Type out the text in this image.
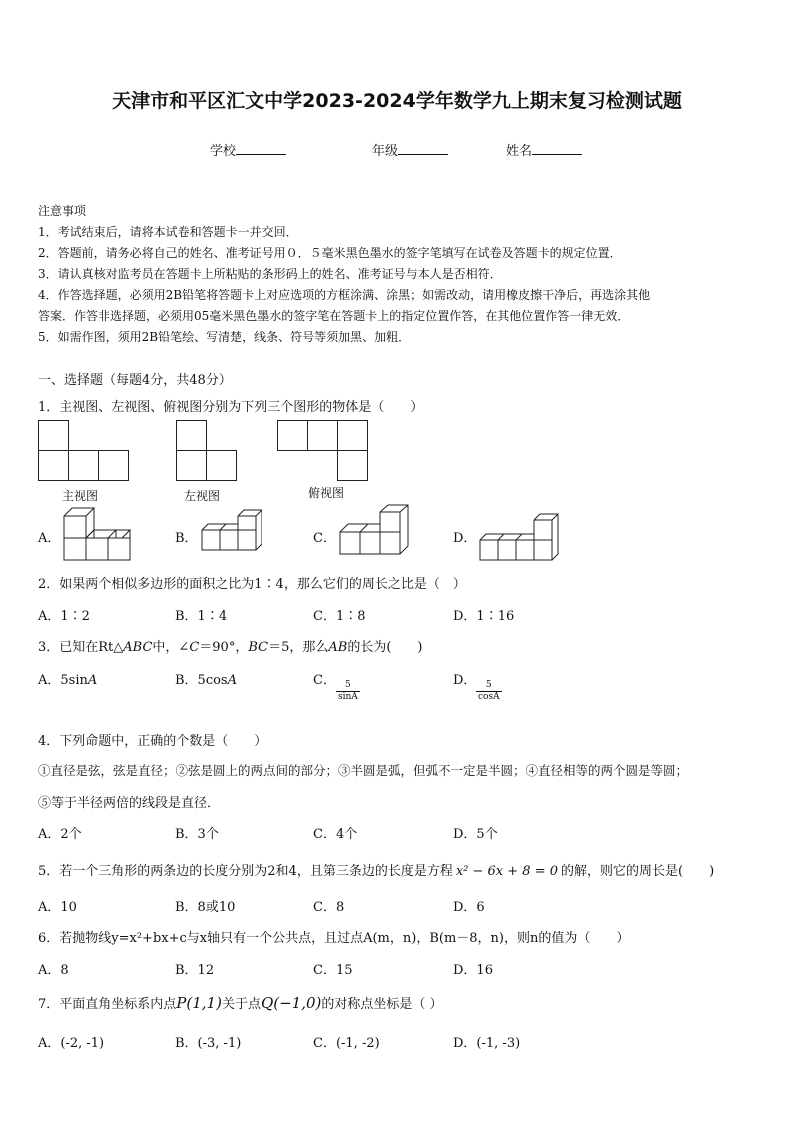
天津市和平区汇文中学2023-2024学年数学九上期末复习检测试题
学校	年级	姓名
注意事项
1．考试结束后，请将本试卷和答题卡一并交回．
2．答题前，请务必将自己的姓名、准考证号用０．５毫米黑色墨水的签字笔填写在试卷及答题卡的规定位置．
3．请认真核对监考员在答题卡上所粘贴的条形码上的姓名、准考证号与本人是否相符．
4．作答选择题，必须用2B铅笔将答题卡上对应选项的方框涂满、涂黑；如需改动，请用橡皮擦干净后，再选涂其他
答案．作答非选择题，必须用05毫米黑色墨水的签字笔在答题卡上的指定位置作答，在其他位置作答一律无效．
5．如需作图，须用2B铅笔绘、写清楚，线条、符号等须加黑、加粗．
一、选择题（每题4分，共48分）
1．主视图、左视图、俯视图分别为下列三个图形的物体是（　　）
主视图	左视图	俯视图
A．	B．	C．	D．
2．如果两个相似多边形的面积之比为1∶4，那么它们的周长之比是（　）
A．1∶2	B．1∶4	C．1∶8	D．1∶16
3．已知在Rt△ABC中，∠C＝90°，BC＝5，那么AB的长为(　　)
A．5sinA	B．5cosA	C． $\frac{5}{\sin A}$	D． $\frac{5}{\cos A}$
4．下列命题中，正确的个数是（　　）
①直径是弦，弦是直径；②弦是圆上的两点间的部分；③半圆是弧，但弧不一定是半圆；④直径相等的两个圆是等圆；
⑤等于半径两倍的线段是直径．
A．2个	B．3个	C．4个	D．5个
5．若一个三角形的两条边的长度分别为2和4，且第三条边的长度是方程 x² − 6x + 8 = 0 的解，则它的周长是(　　)
A．10	B．8或10	C．8	D．6
6．若抛物线y=x²+bx+c与x轴只有一个公共点，且过点A(m，n)，B(m－8，n)，则n的值为（　　）
A．8	B．12	C．15	D．16
7．平面直角坐标系内点P(1,1)关于点Q(−1,0)的对称点坐标是（ ）
A．(-2, -1)	B．(-3, -1)	C．(-1, -2)	D．(-1, -3)
